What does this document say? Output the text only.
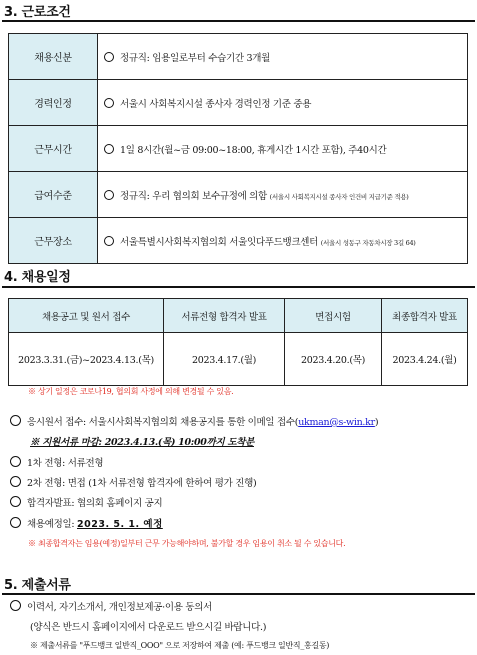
3. 근로조건
채용신분	정규직: 임용일로부터 수습기간 3개월
경력인정	서울시 사회복지시설 종사자 경력인정 기준 중용
근무시간	1일 8시간(월~금 09:00~18:00, 휴게시간 1시간 포함), 주40시간
급여수준	정규직: 우리 협의회 보수규정에 의함 (서울시 사회복지시설 종사자 인건비 지급기준 적용)
근무장소	서울특별시사회복지협의회 서울잇다푸드뱅크센터 (서울시 성동구 자동차시장 3길 64)
4. 채용일정
채용공고 및 원서 접수	서류전형 합격자 발표	면접시험	최종합격자 발표
2023.3.31.(금)~2023.4.13.(목)	2023.4.17.(월)	2023.4.20.(목)	2023.4.24.(월)
※ 상기 일정은 코로나19, 협의회 사정에 의해 변경될 수 있음.
응시원서 접수: 서울시사회복지협의회 채용공지를 통한 이메일 접수(ukman@s-win.kr)
※ 지원서류 마감: 2023.4.13.(목) 10:00까지 도착분
1차 전형: 서류전형
2차 전형: 면접 (1차 서류전형 합격자에 한하여 평가 진행)
합격자발표: 협의회 홈페이지 공지
채용예정일: 2023. 5. 1. 예정
※ 최종합격자는 임용(예정)일부터 근무 가능해야하며, 불가할 경우 임용이 취소 될 수 있습니다.
5. 제출서류
이력서, 자기소개서, 개인정보제공·이용 동의서
(양식은 반드시 홈페이지에서 다운로드 받으시길 바랍니다.)
※ 제출서류를 "푸드뱅크 일반직_OOO" 으로 저장하여 제출 (예: 푸드뱅크 일반직_홍길동)
